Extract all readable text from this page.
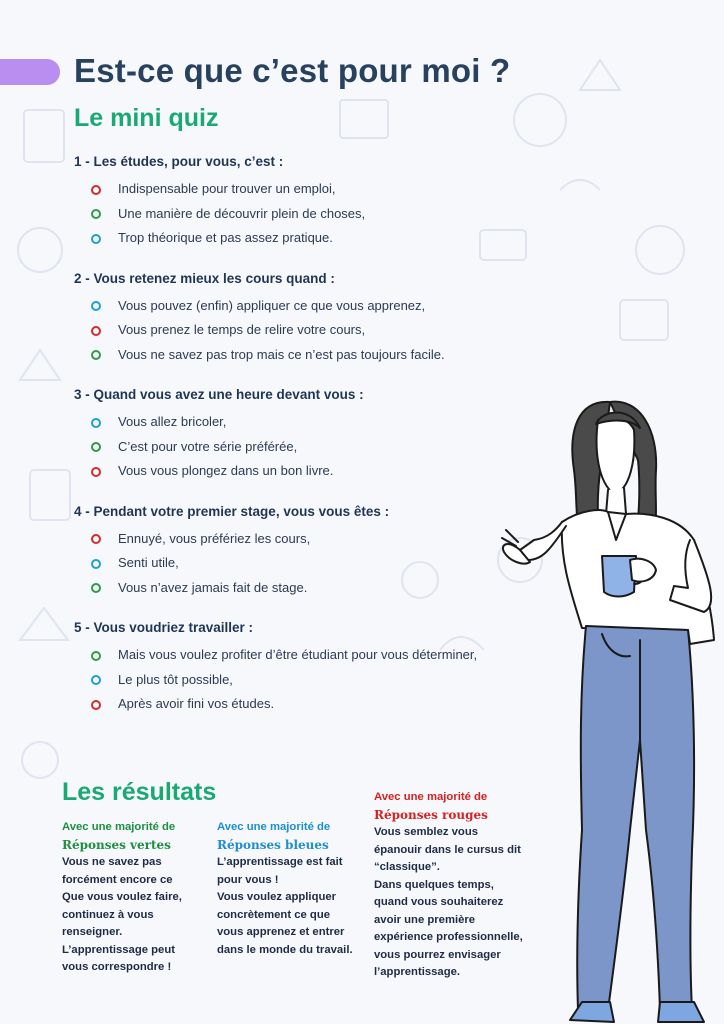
Est-ce que c’est pour moi ?
Le mini quiz
1 - Les études, pour vous, c’est :
Indispensable pour trouver un emploi,
Une manière de découvrir plein de choses,
Trop théorique et pas assez pratique.
2 - Vous retenez mieux les cours quand :
Vous pouvez (enfin) appliquer ce que vous apprenez,
Vous prenez le temps de relire votre cours,
Vous ne savez pas trop mais ce n’est pas toujours facile.
3 - Quand vous avez une heure devant vous :
Vous allez bricoler,
C’est pour votre série préférée,
Vous vous plongez dans un bon livre.
4 - Pendant votre premier stage, vous vous êtes :
Ennuyé, vous préfériez les cours,
Senti utile,
Vous n’avez jamais fait de stage.
5 - Vous voudriez travailler :
Mais vous voulez profiter d’être étudiant pour vous déterminer,
Le plus tôt possible,
Après avoir fini vos études.
Les résultats
Avec une majorité de
Réponses vertes
Vous ne savez pas
forcément encore ce
Que vous voulez faire,
continuez à vous
renseigner.
L’apprentissage peut
vous correspondre !
Avec une majorité de
Réponses bleues
L’apprentissage est fait
pour vous !
Vous voulez appliquer
concrètement ce que
vous apprenez et entrer
dans le monde du travail.
Avec une majorité de
Réponses rouges
Vous semblez vous
épanouir dans le cursus dit
“classique”.
Dans quelques temps,
quand vous souhaiterez
avoir une première
expérience professionnelle,
vous pourrez envisager
l’apprentissage.
